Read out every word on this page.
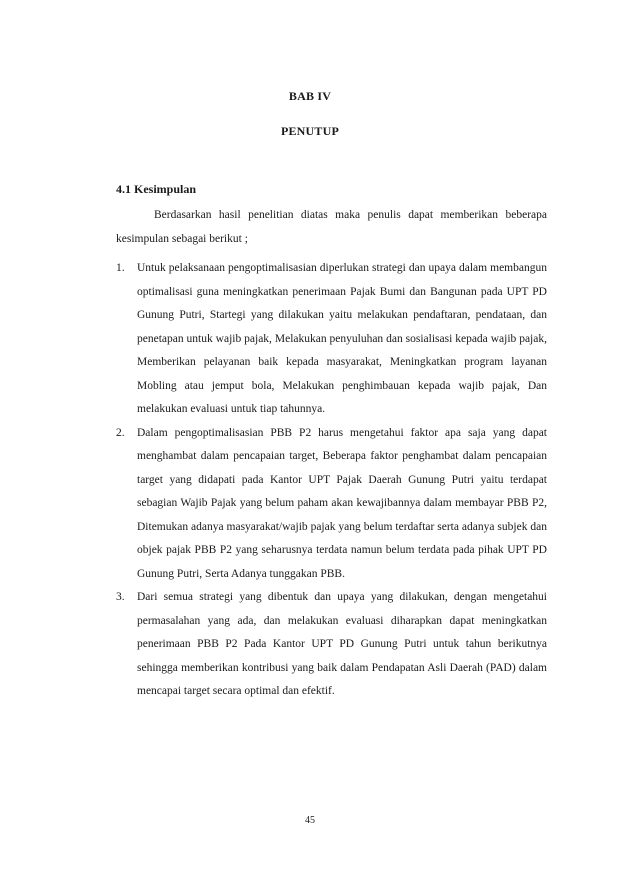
BAB IV
PENUTUP
4.1 Kesimpulan

Berdasarkan hasil penelitian diatas maka penulis dapat memberikan beberapa kesimpulan sebagai berikut ;

1.	Untuk pelaksanaan pengoptimalisasian diperlukan strategi dan upaya dalam membangun optimalisasi guna meningkatkan penerimaan Pajak Bumi dan Bangunan pada UPT PD Gunung Putri, Startegi yang dilakukan yaitu melakukan pendaftaran, pendataan, dan penetapan untuk wajib pajak, Melakukan penyuluhan dan sosialisasi kepada wajib pajak, Memberikan pelayanan baik kepada masyarakat, Meningkatkan program layanan Mobling atau jemput bola, Melakukan penghimbauan kepada wajib pajak, Dan melakukan evaluasi untuk tiap tahunnya.

2.	Dalam pengoptimalisasian PBB P2 harus mengetahui faktor apa saja yang dapat menghambat dalam pencapaian target, Beberapa faktor penghambat dalam pencapaian target yang didapati pada Kantor UPT Pajak Daerah Gunung Putri yaitu terdapat sebagian Wajib Pajak yang belum paham akan kewajibannya dalam membayar PBB P2, Ditemukan adanya masyarakat/wajib pajak yang belum terdaftar serta adanya subjek dan objek pajak PBB P2 yang seharusnya terdata namun belum terdata pada pihak UPT PD Gunung Putri, Serta Adanya tunggakan PBB.

3.	Dari semua strategi yang dibentuk dan upaya yang dilakukan, dengan mengetahui permasalahan yang ada, dan melakukan evaluasi diharapkan dapat meningkatkan penerimaan PBB P2 Pada Kantor UPT PD Gunung Putri untuk tahun berikutnya sehingga memberikan kontribusi yang baik dalam Pendapatan Asli Daerah (PAD) dalam mencapai target secara optimal dan efektif.

45
